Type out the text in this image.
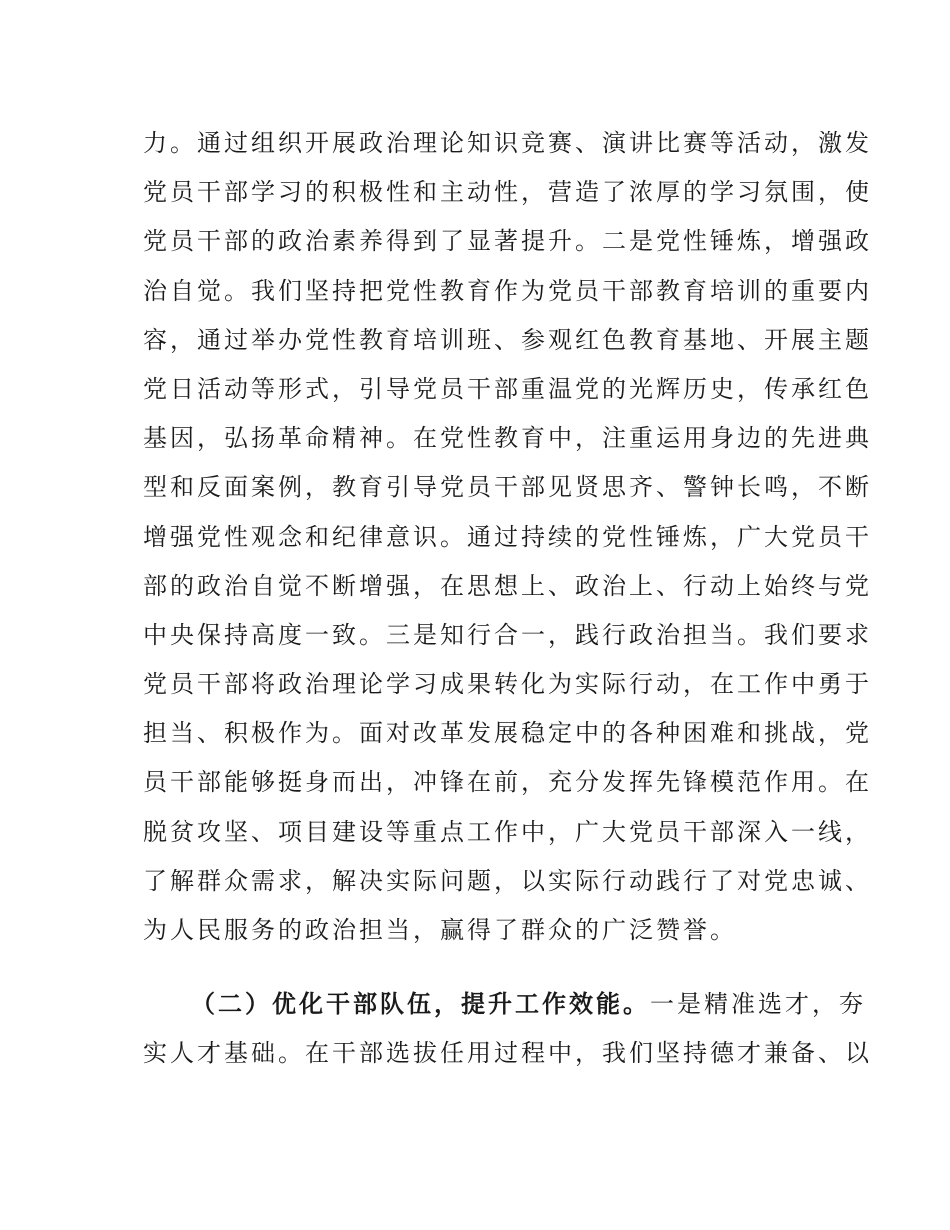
力。通过组织开展政治理论知识竞赛、演讲比赛等活动，激发
党员干部学习的积极性和主动性，营造了浓厚的学习氛围，使
党员干部的政治素养得到了显著提升。二是党性锤炼，增强政
治自觉。我们坚持把党性教育作为党员干部教育培训的重要内
容，通过举办党性教育培训班、参观红色教育基地、开展主题
党日活动等形式，引导党员干部重温党的光辉历史，传承红色
基因，弘扬革命精神。在党性教育中，注重运用身边的先进典
型和反面案例，教育引导党员干部见贤思齐、警钟长鸣，不断
增强党性观念和纪律意识。通过持续的党性锤炼，广大党员干
部的政治自觉不断增强，在思想上、政治上、行动上始终与党
中央保持高度一致。三是知行合一，践行政治担当。我们要求
党员干部将政治理论学习成果转化为实际行动，在工作中勇于
担当、积极作为。面对改革发展稳定中的各种困难和挑战，党
员干部能够挺身而出，冲锋在前，充分发挥先锋模范作用。在
脱贫攻坚、项目建设等重点工作中，广大党员干部深入一线，
了解群众需求，解决实际问题，以实际行动践行了对党忠诚、
为人民服务的政治担当，赢得了群众的广泛赞誉。
（二）优化干部队伍，提升工作效能。一是精准选才，夯
实人才基础。在干部选拔任用过程中，我们坚持德才兼备、以
